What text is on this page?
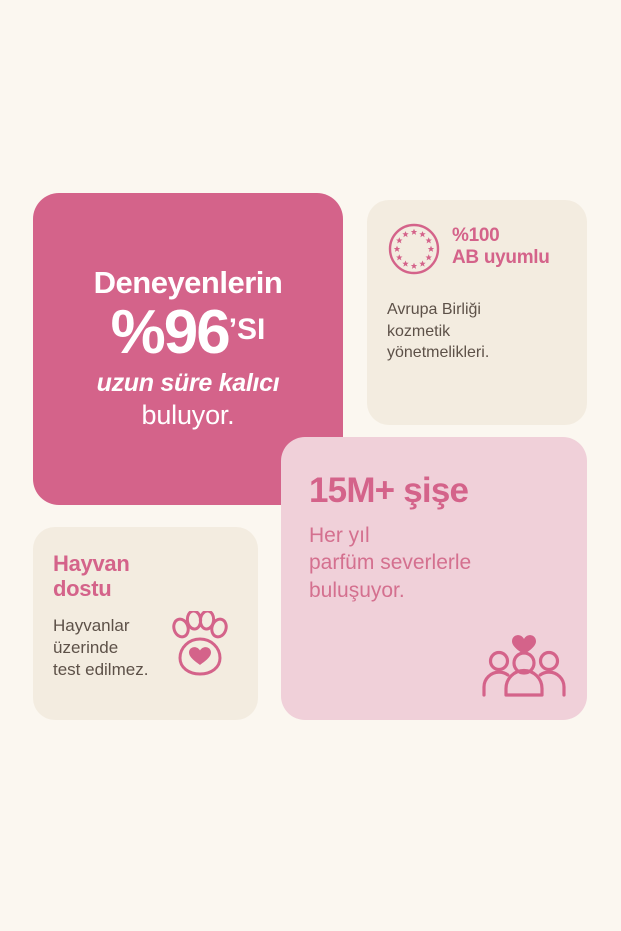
Deneyenlerin
$\%96^{’SI}$
uzun süre kalıcı
buluyor.
%100
AB uyumlu
Avrupa Birliği
kozmetik
yönetmelikleri.
15M+ şişe
Her yıl
parfüm severlerle
buluşuyor.
Hayvan
dostu
Hayvanlar
üzerinde
test edilmez.
